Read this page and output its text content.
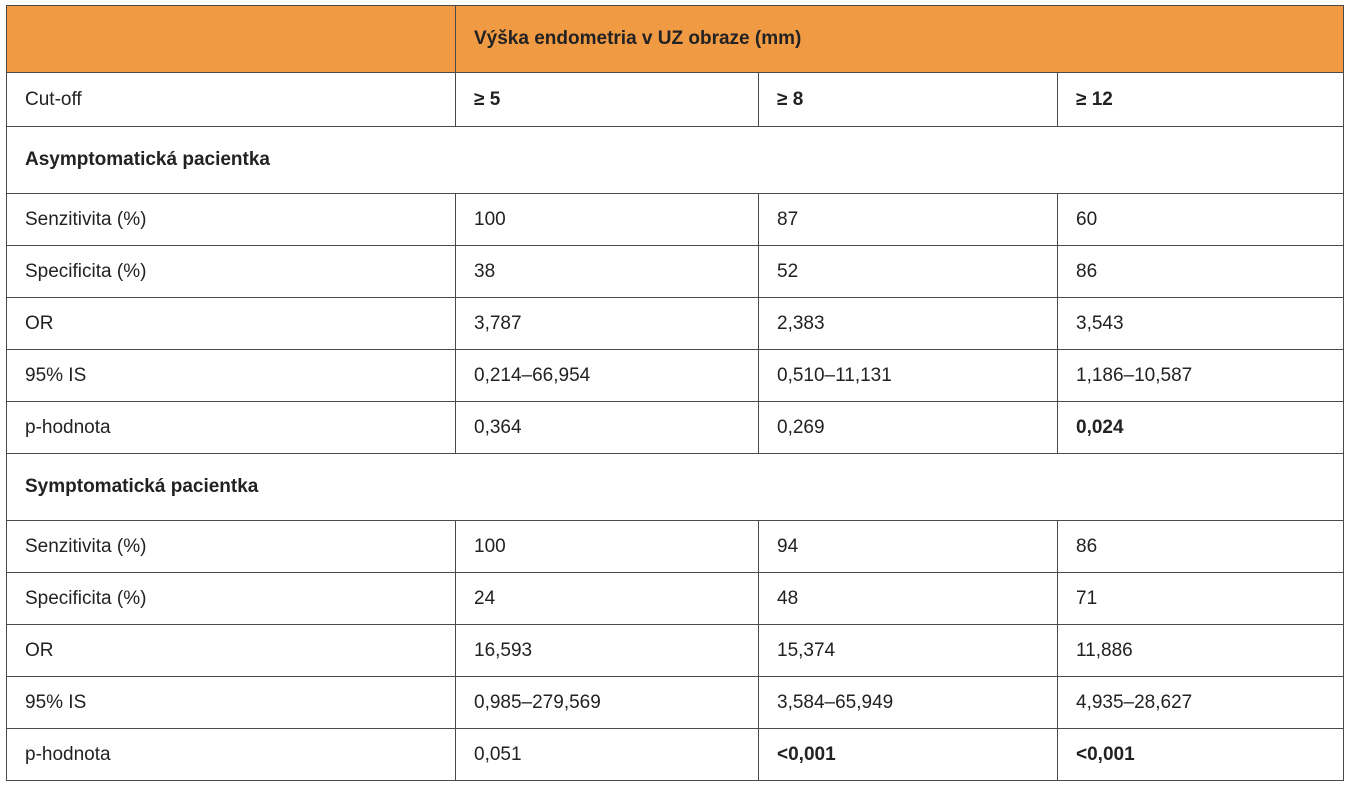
	Výška endometria v UZ obraze (mm)		
Cut-off	≥ 5	≥ 8	≥ 12
Asymptomatická pacientka			
Senzitivita (%)	100	87	60
Specificita (%)	38	52	86
OR	3,787	2,383	3,543
95% IS	0,214–66,954	0,510–11,131	1,186–10,587
p-hodnota	0,364	0,269	0,024
Symptomatická pacientka			
Senzitivita (%)	100	94	86
Specificita (%)	24	48	71
OR	16,593	15,374	11,886
95% IS	0,985–279,569	3,584–65,949	4,935–28,627
p-hodnota	0,051	<0,001	<0,001
